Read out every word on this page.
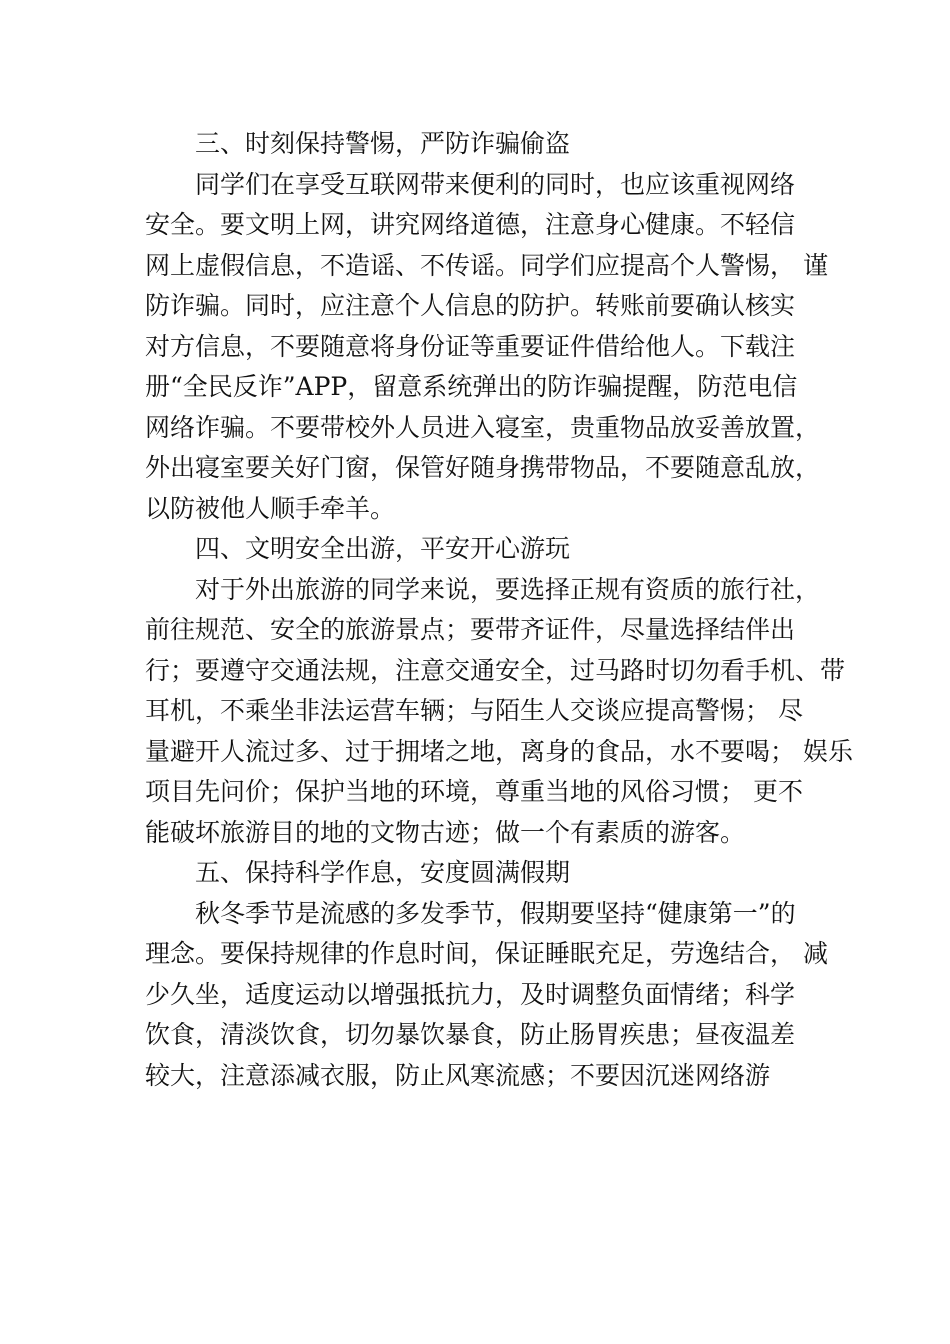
三、时刻保持警惕，严防诈骗偷盗

同学们在享受互联网带来便利的同时，也应该重视网络
安全。要文明上网，讲究网络道德，注意身心健康。不轻信
网上虚假信息，不造谣、不传谣。同学们应提高个人警惕， 谨
防诈骗。同时，应注意个人信息的防护。转账前要确认核实
对方信息，不要随意将身份证等重要证件借给他人。下载注
册“全民反诈”APP，留意系统弹出的防诈骗提醒，防范电信
网络诈骗。不要带校外人员进入寝室，贵重物品放妥善放置，
外出寝室要关好门窗，保管好随身携带物品，不要随意乱放，
以防被他人顺手牵羊。

四、文明安全出游，平安开心游玩

对于外出旅游的同学来说，要选择正规有资质的旅行社，
前往规范、安全的旅游景点；要带齐证件，尽量选择结伴出
行；要遵守交通法规，注意交通安全，过马路时切勿看手机、带
耳机，不乘坐非法运营车辆；与陌生人交谈应提高警惕； 尽
量避开人流过多、过于拥堵之地，离身的食品，水不要喝； 娱乐
项目先问价；保护当地的环境，尊重当地的风俗习惯； 更不
能破坏旅游目的地的文物古迹；做一个有素质的游客。

五、保持科学作息，安度圆满假期

秋冬季节是流感的多发季节，假期要坚持“健康第一”的
理念。要保持规律的作息时间，保证睡眠充足，劳逸结合， 减
少久坐，适度运动以增强抵抗力，及时调整负面情绪；科学
饮食，清淡饮食，切勿暴饮暴食，防止肠胃疾患；昼夜温差
较大，注意添减衣服，防止风寒流感；不要因沉迷网络游
